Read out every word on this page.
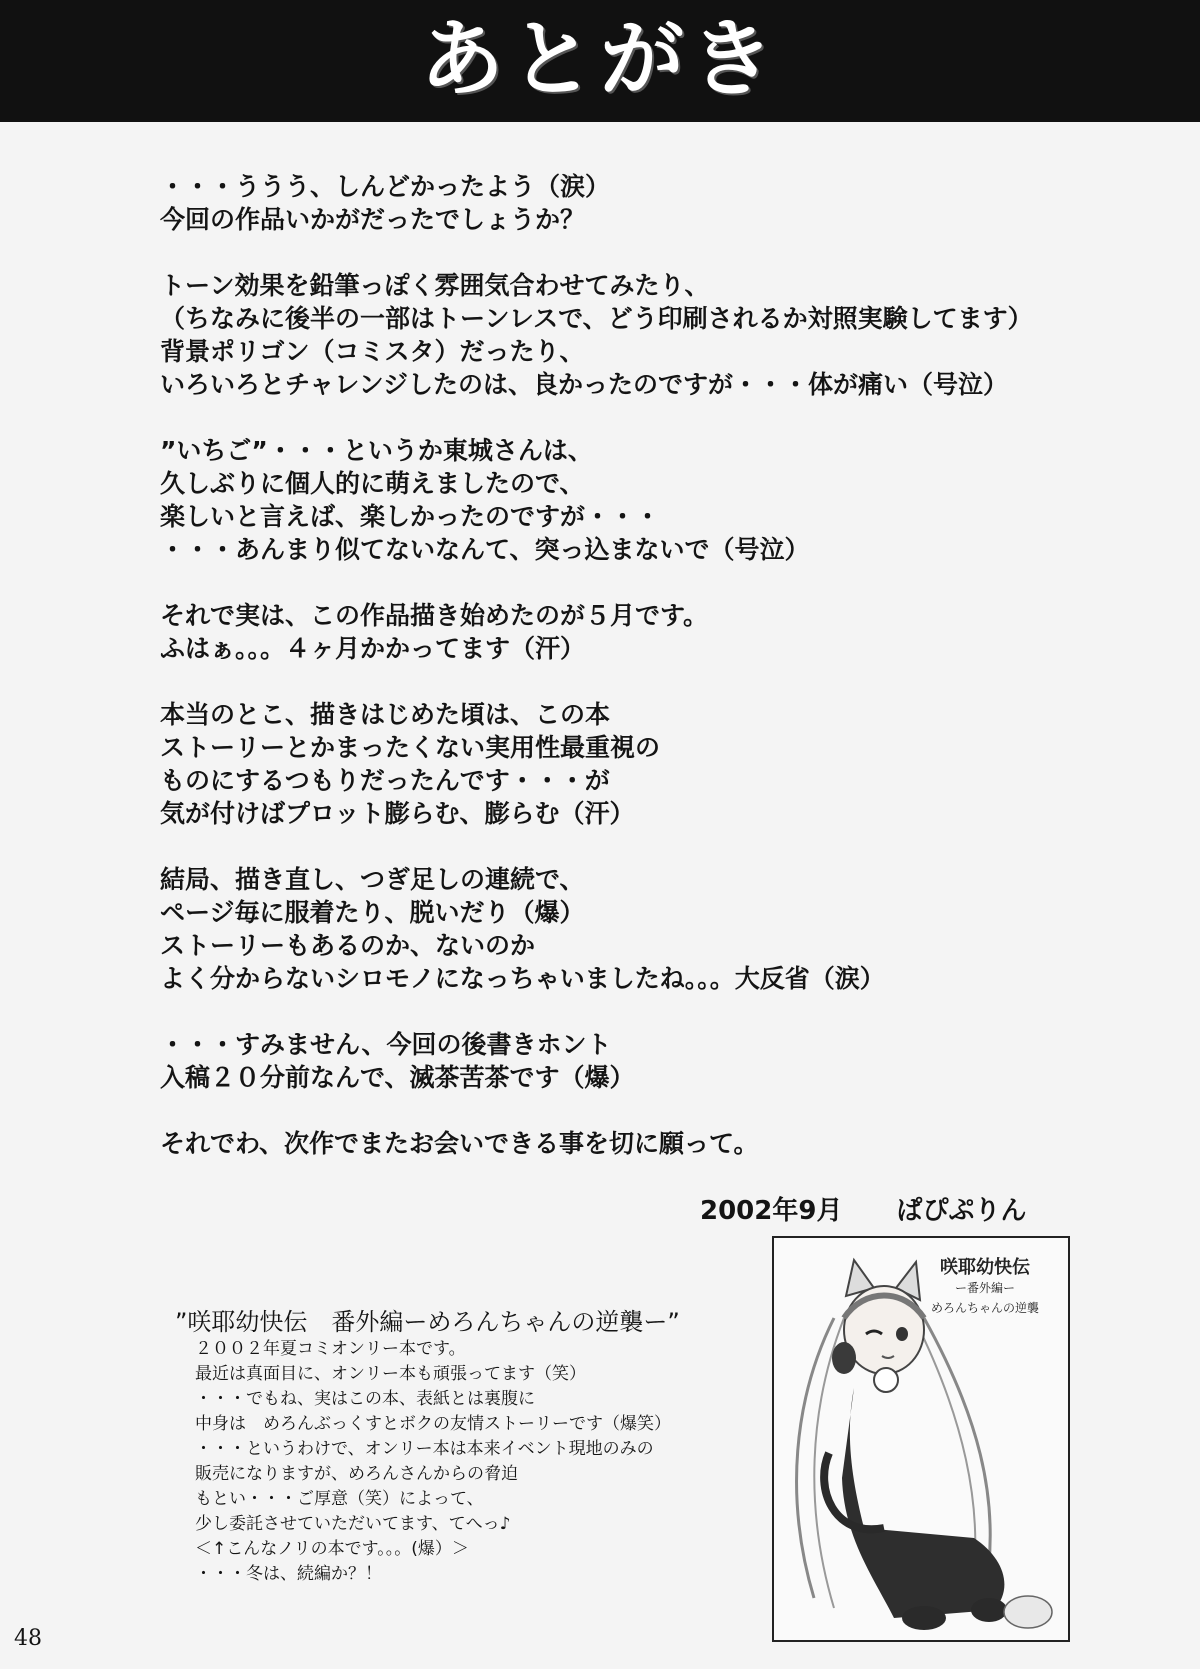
あとがき
・・・ううう、しんどかったよう（涙）
今回の作品いかがだったでしょうか？
トーン効果を鉛筆っぽく雰囲気合わせてみたり、
（ちなみに後半の一部はトーンレスで、どう印刷されるか対照実験してます）
背景ポリゴン（コミスタ）だったり、
いろいろとチャレンジしたのは、良かったのですが・・・体が痛い（号泣）
”いちご”・・・というか東城さんは、
久しぶりに個人的に萌えましたので、
楽しいと言えば、楽しかったのですが・・・
・・・あんまり似てないなんて、突っ込まないで（号泣）
それで実は、この作品描き始めたのが５月です。
ふはぁ。。。４ヶ月かかってます（汗）
本当のとこ、描きはじめた頃は、この本
ストーリーとかまったくない実用性最重視の
ものにするつもりだったんです・・・が
気が付けばプロット膨らむ、膨らむ（汗）
結局、描き直し、つぎ足しの連続で、
ページ毎に服着たり、脱いだり（爆）
ストーリーもあるのか、ないのか
よく分からないシロモノになっちゃいましたね。。。大反省（涙）
・・・すみません、今回の後書きホント
入稿２０分前なんで、滅茶苦茶です（爆）
それでわ、次作でまたお会いできる事を切に願って。
2002年9月 ぱぴぷりん
”咲耶幼快伝　番外編ーめろんちゃんの逆襲ー”
２００２年夏コミオンリー本です。
最近は真面目に、オンリー本も頑張ってます（笑）
・・・でもね、実はこの本、表紙とは裏腹に
中身は　めろんぶっくすとボクの友情ストーリーです（爆笑）
・・・というわけで、オンリー本は本来イベント現地のみの
販売になりますが、めろんさんからの脅迫
もとい・・・ご厚意（笑）によって、
少し委託させていただいてます、てへっ♪
＜↑こんなノリの本です。。。(爆）＞
・・・冬は、続編か？！
咲耶幼快伝
ー番外編ー
めろんちゃんの逆襲
48
